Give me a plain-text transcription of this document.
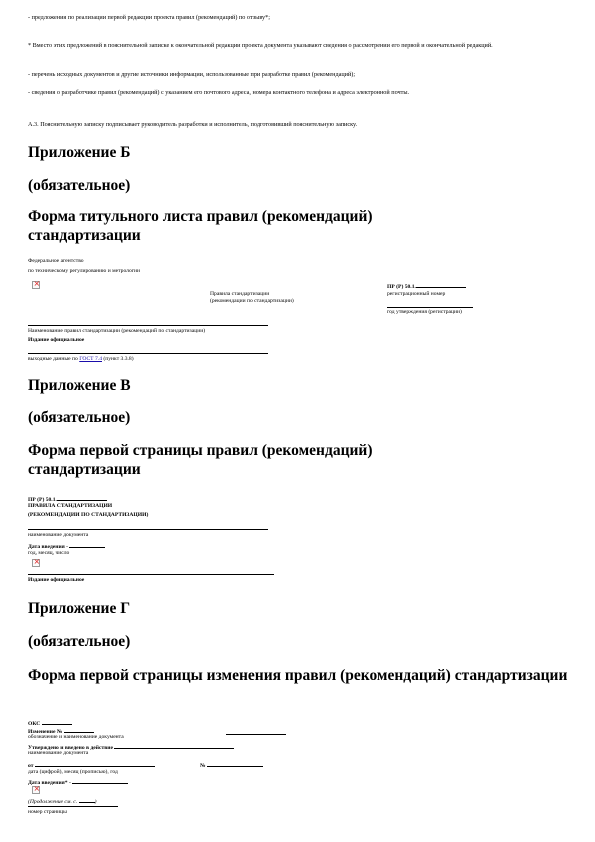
- предложения по реализации первой редакции проекта правил (рекомендаций) по отзыву*;
* Вместо этих предложений в пояснительной записке к окончательной редакции проекта документа указывают сведения о рассмотрении его первой и окончательной редакций.
- перечень исходных документов и другие источники информации, использованные при разработке правил (рекомендаций);
- сведения о разработчике правил (рекомендаций) с указанием его почтового адреса, номера контактного телефона и адреса электронной почты.
А.3. Пояснительную записку подписывает руководитель разработки и исполнитель, подготовивший пояснительную записку.
Приложение Б
(обязательное)
Форма титульного листа правил (рекомендаций) стандартизации
Федеральное агентство
по техническому регулированию и метрологии
×
ПР (Р) 50.1.
регистрационный номер
Правила стандартизации
(рекомендации по стандартизации)
год утверждения (регистрации)
Наименование правил стандартизации (рекомендаций по стандартизации)
Издание официальное
выходные данные по ГОСТ 7.4 (пункт 3.3.8)
Приложение В
(обязательное)
Форма первой страницы правил (рекомендаций) стандартизации
ПР (Р) 50.1.
ПРАВИЛА СТАНДАРТИЗАЦИИ
(РЕКОМЕНДАЦИИ ПО СТАНДАРТИЗАЦИИ)
наименование документа
Дата введения -
год, месяц, число
×
Издание официальное
Приложение Г
(обязательное)
Форма первой страницы изменения правил (рекомендаций) стандартизации
ОКС
Изменение №
обозначение и наименование документа
Утверждено и введено в действие
наименование документа
от	№
дата (цифрой), месяц (прописью), год
Дата введения* -
×
(Продолжение см. с.	)
номер страницы
